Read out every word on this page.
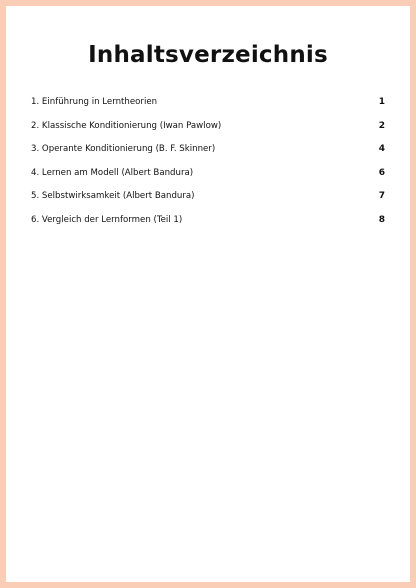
Inhaltsverzeichnis
1. Einführung in Lerntheorien	1
2. Klassische Konditionierung (Iwan Pawlow)	2
3. Operante Konditionierung (B. F. Skinner)	4
4. Lernen am Modell (Albert Bandura)	6
5. Selbstwirksamkeit (Albert Bandura)	7
6. Vergleich der Lernformen (Teil 1)	8
